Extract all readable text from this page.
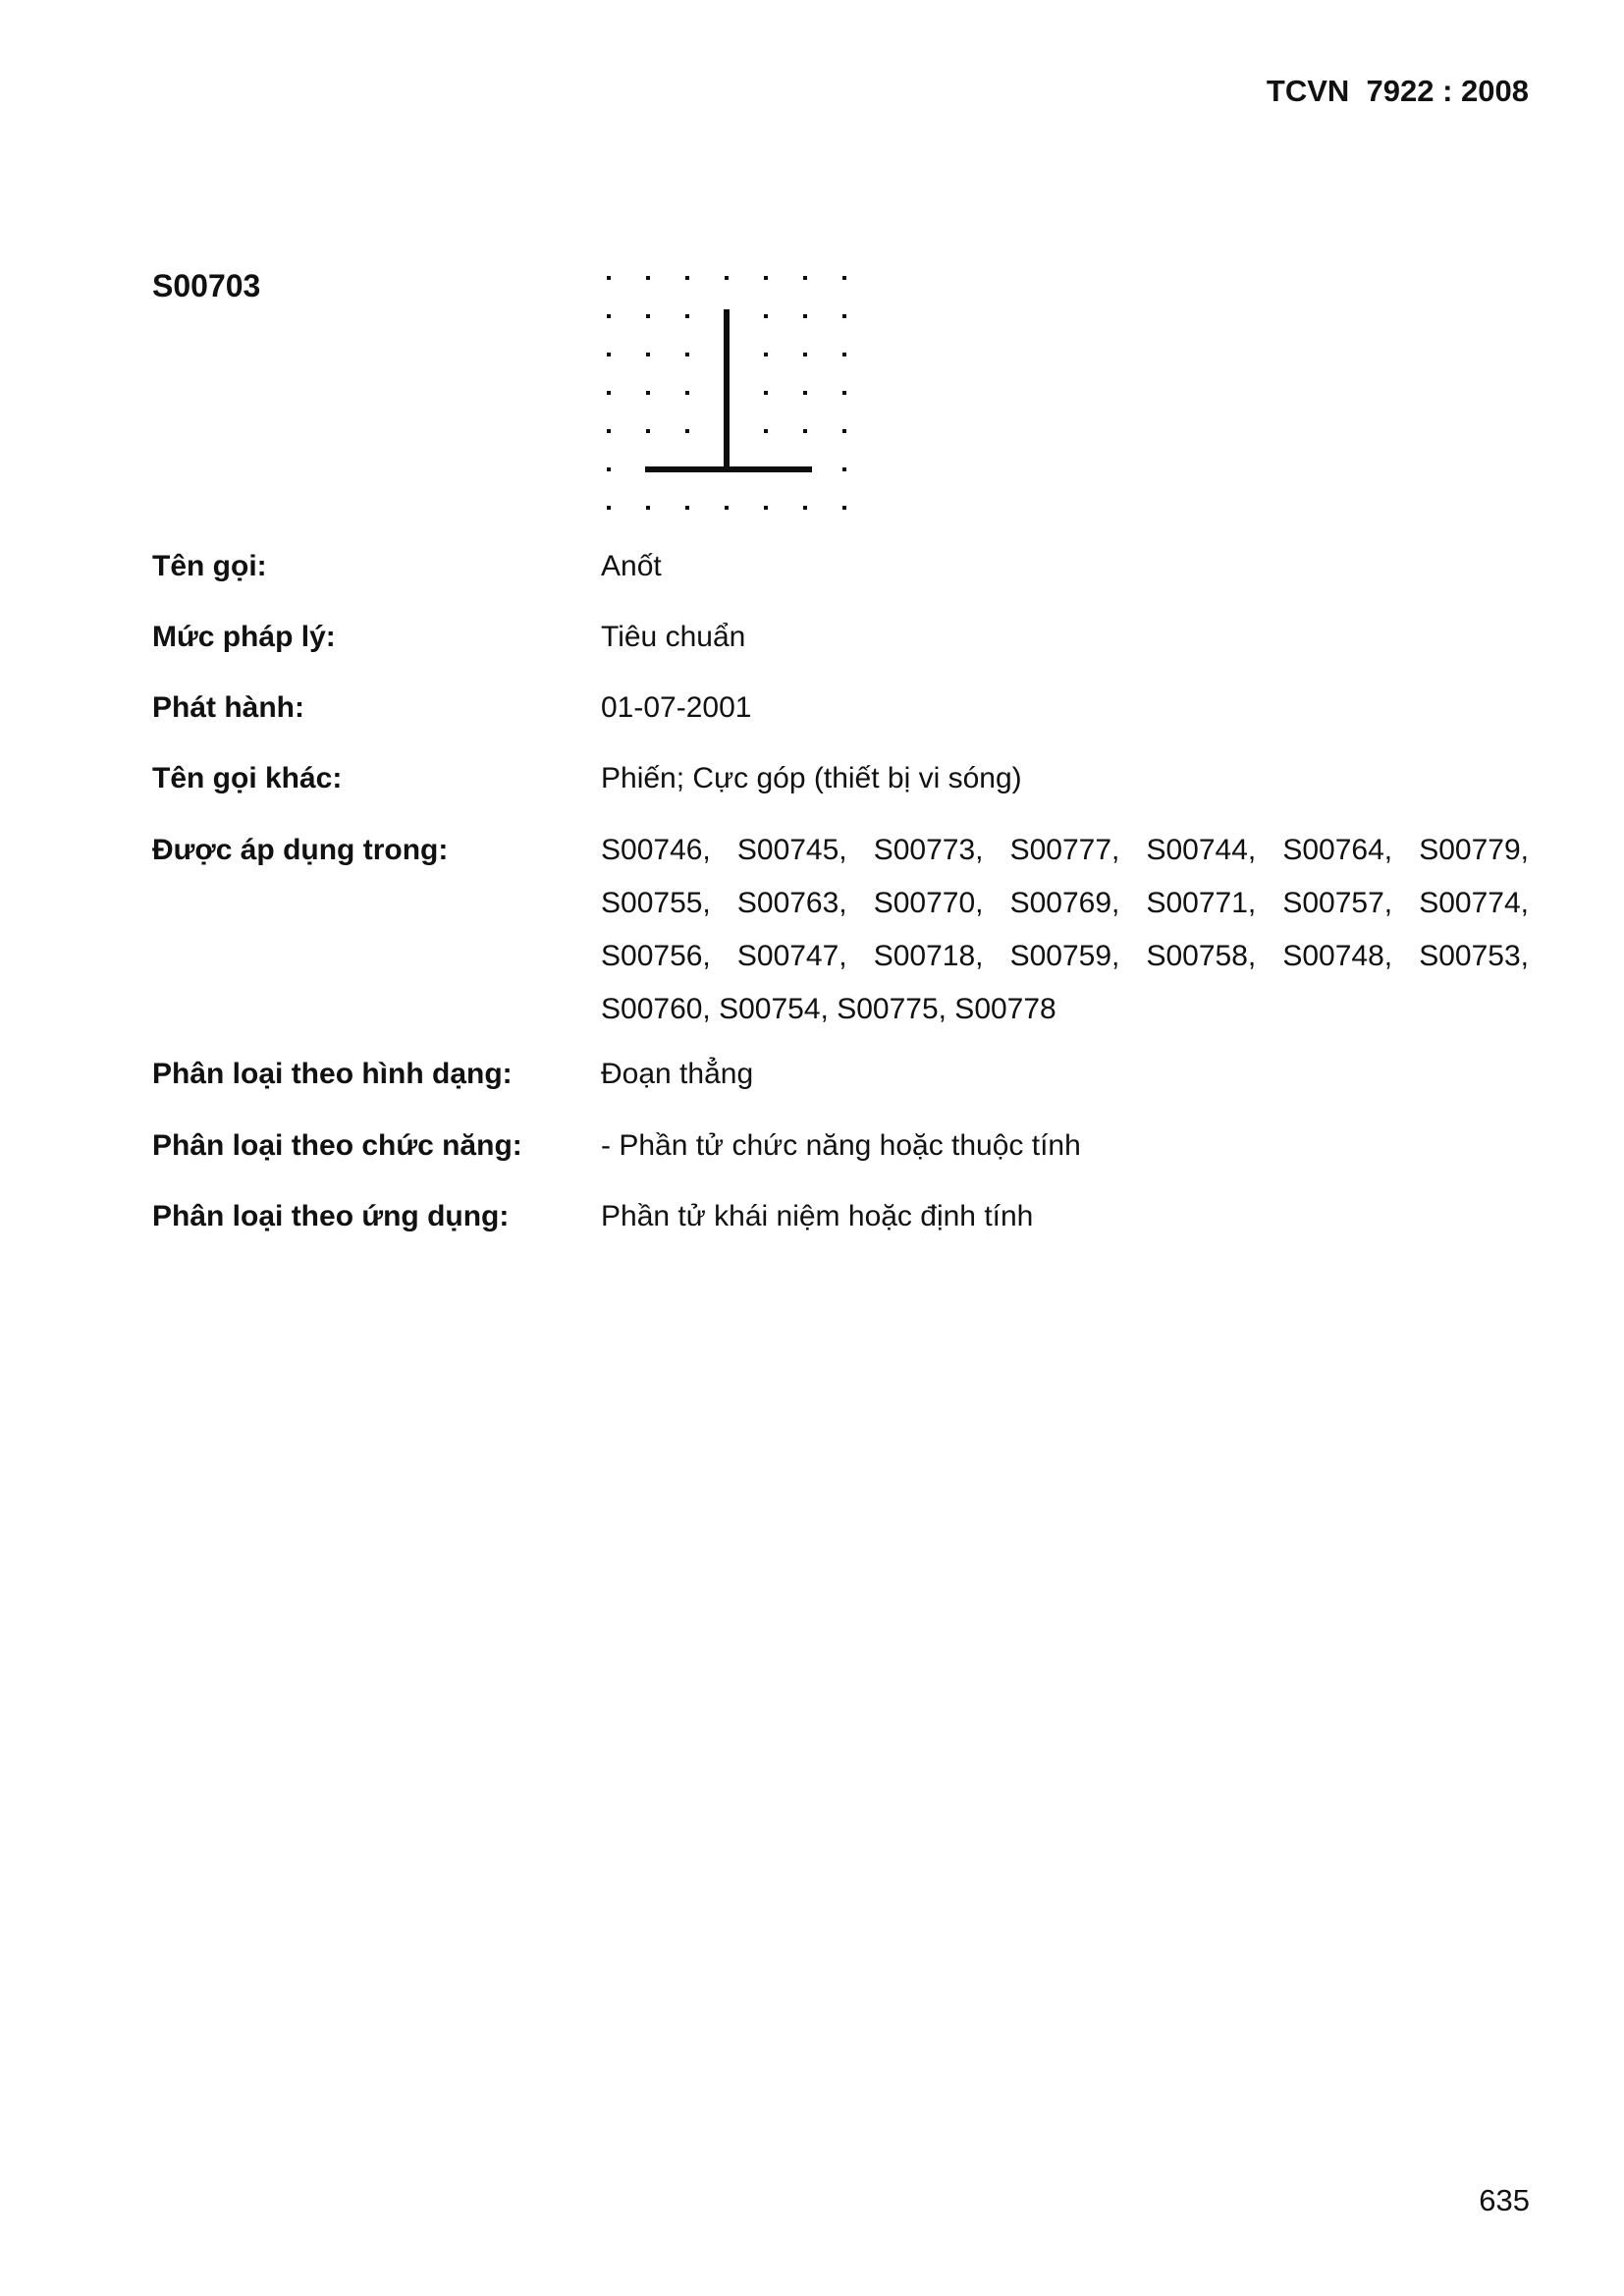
TCVN  7922 : 2008
S00703
Tên gọi:	Anốt
Mức pháp lý:	Tiêu chuẩn
Phát hành:	01-07-2001
Tên gọi khác:	Phiến; Cực góp (thiết bị vi sóng)
Được áp dụng trong:	S00746, S00745, S00773, S00777, S00744, S00764, S00779,
S00755, S00763, S00770, S00769, S00771, S00757, S00774,
S00756, S00747, S00718, S00759, S00758, S00748, S00753,
S00760, S00754, S00775, S00778
Phân loại theo hình dạng:	Đoạn thẳng
Phân loại theo chức năng:	- Phần tử chức năng hoặc thuộc tính
Phân loại theo ứng dụng:	Phần tử khái niệm hoặc định tính
635
